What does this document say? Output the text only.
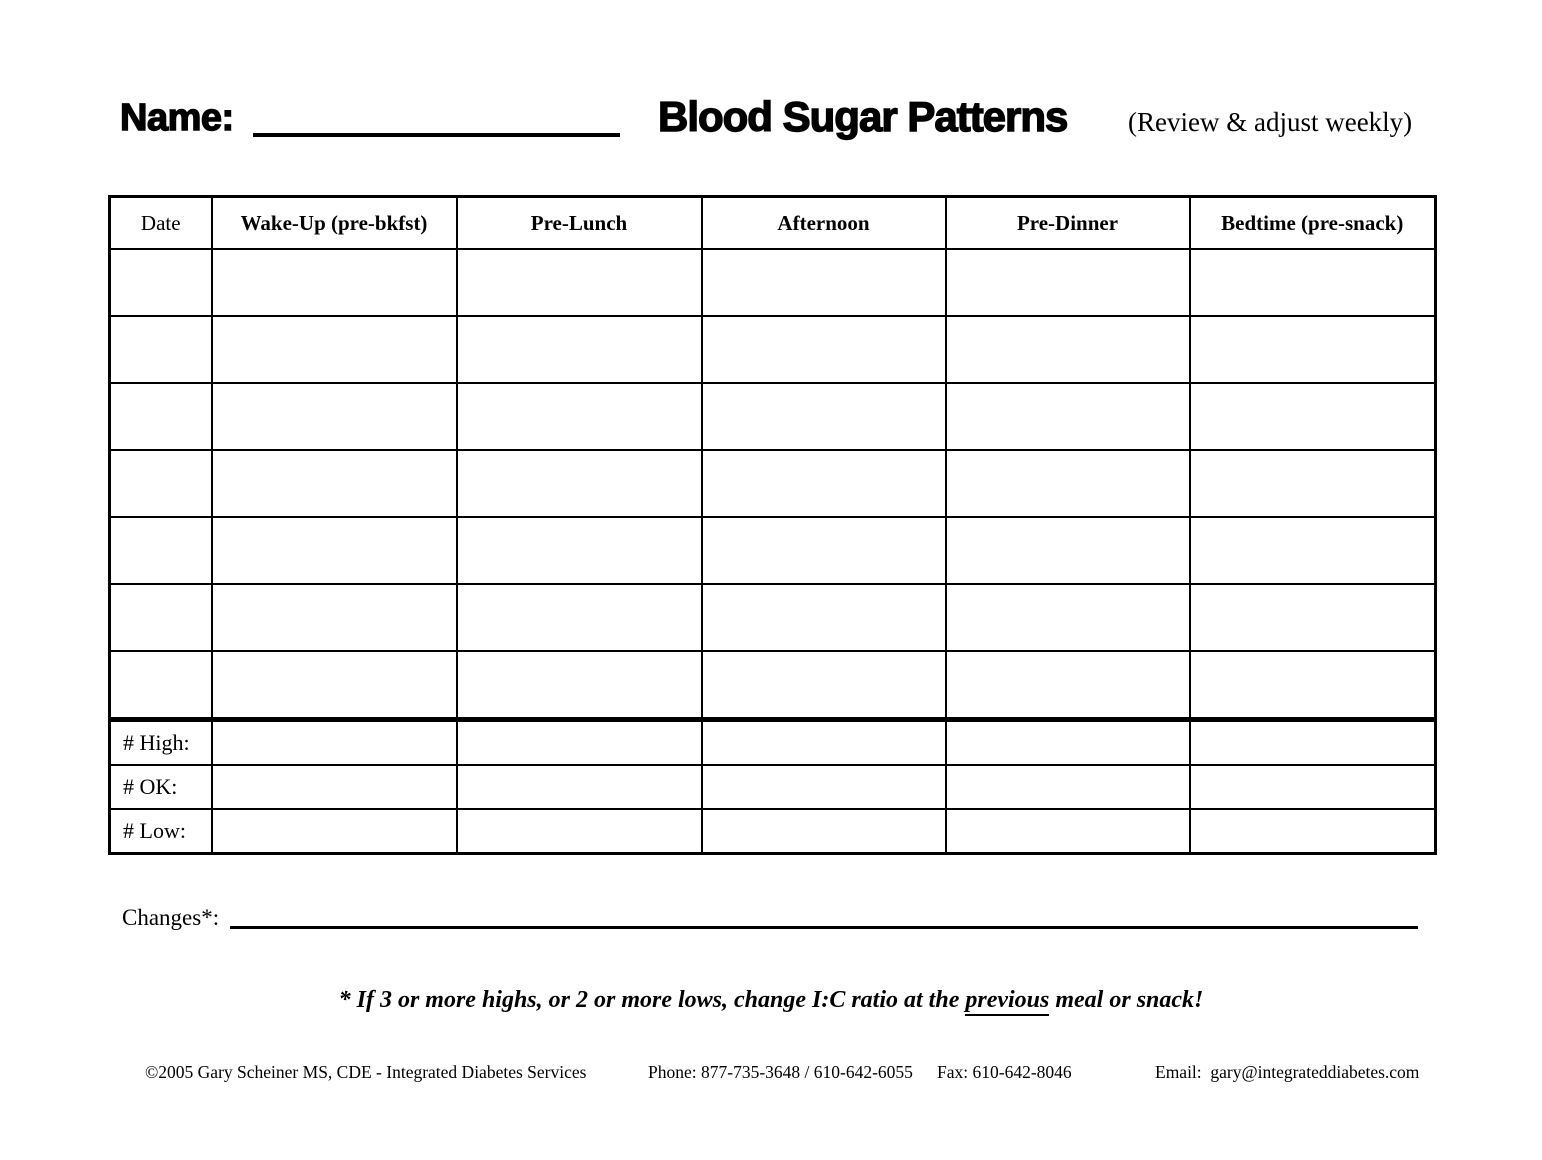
Name:	Blood Sugar Patterns (Review & adjust weekly)
Date	Wake-Up (pre-bkfst)	Pre-Lunch	Afternoon	Pre-Dinner	Bedtime (pre-snack)

# High:					
# OK:					
# Low:					
Changes*:
* If 3 or more highs, or 2 or more lows, change I:C ratio at the previous meal or snack!
©2005 Gary Scheiner MS, CDE - Integrated Diabetes Services	Phone: 877-735-3648 / 610-642-6055 Fax: 610-642-8046	Email:  gary@integrateddiabetes.com
